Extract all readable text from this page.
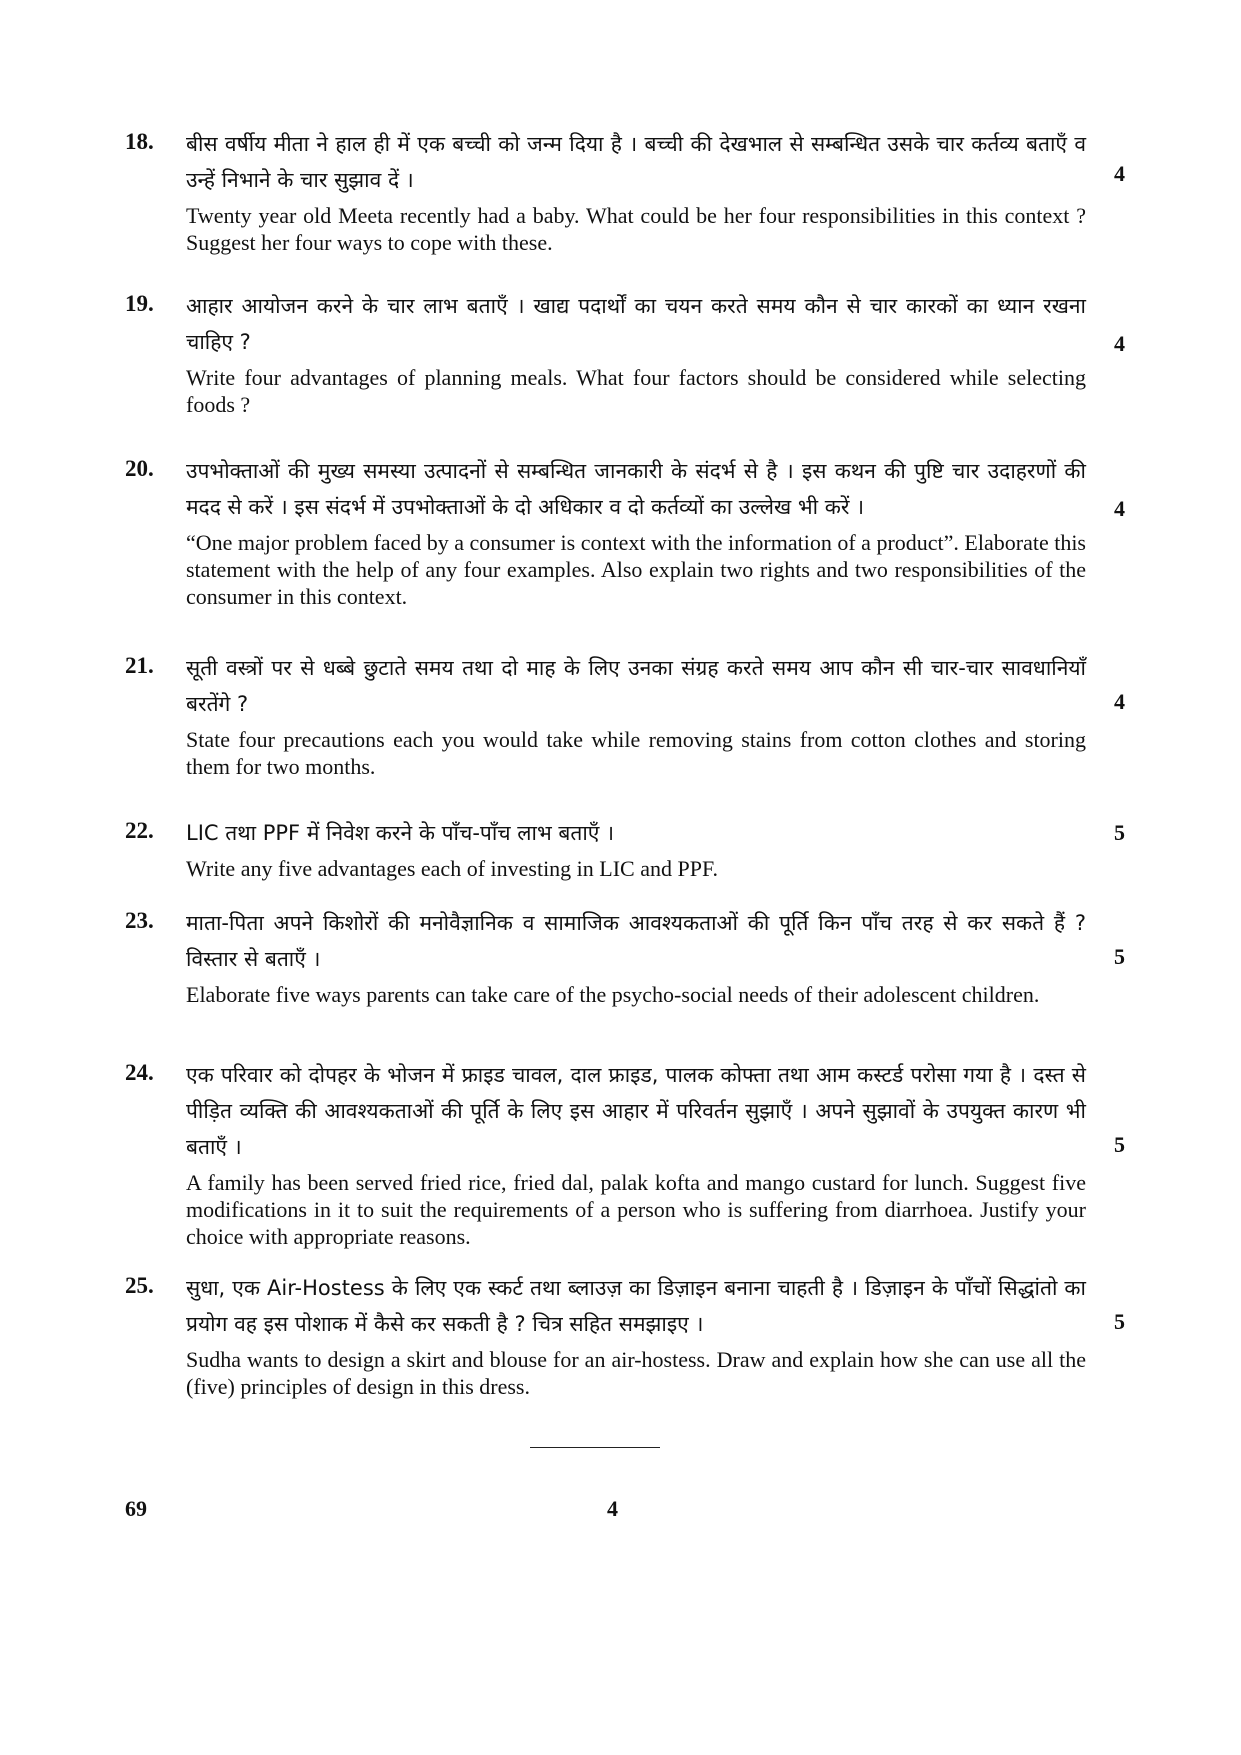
18.	बीस वर्षीय मीता ने हाल ही में एक बच्ची को जन्म दिया है । बच्ची की देखभाल से सम्बन्धित उसके चार कर्तव्य बताएँ व उन्हें निभाने के चार सुझाव दें ।

Twenty year old Meeta recently had a baby. What could be her four responsibilities in this context ? Suggest her four ways to cope with these.

4
19.	आहार आयोजन करने के चार लाभ बताएँ । खाद्य पदार्थों का चयन करते समय कौन से चार कारकों का ध्यान रखना चाहिए ?

Write four advantages of planning meals. What four factors should be considered while selecting foods ?

4
20.	उपभोक्ताओं की मुख्य समस्या उत्पादनों से सम्बन्धित जानकारी के संदर्भ से है । इस कथन की पुष्टि चार उदाहरणों की मदद से करें । इस संदर्भ में उपभोक्ताओं के दो अधिकार व दो कर्तव्यों का उल्लेख भी करें ।

“One major problem faced by a consumer is context with the information of a product”. Elaborate this statement with the help of any four examples. Also explain two rights and two responsibilities of the consumer in this context.

4
21.	सूती वस्त्रों पर से धब्बे छुटाते समय तथा दो माह के लिए उनका संग्रह करते समय आप कौन सी चार-चार सावधानियाँ बरतेंगे ?

State four precautions each you would take while removing stains from cotton clothes and storing them for two months.

4
22.	LIC तथा PPF में निवेश करने के पाँच-पाँच लाभ बताएँ ।

Write any five advantages each of investing in LIC and PPF.

5
23.	माता-पिता अपने किशोरों की मनोवैज्ञानिक व सामाजिक आवश्यकताओं की पूर्ति किन पाँच तरह से कर सकते हैं ? विस्तार से बताएँ ।

Elaborate five ways parents can take care of the psycho-social needs of their adolescent children.

5
24.	एक परिवार को दोपहर के भोजन में फ्राइड चावल, दाल फ्राइड, पालक कोफ्ता तथा आम कस्टर्ड परोसा गया है । दस्त से पीड़ित व्यक्ति की आवश्यकताओं की पूर्ति के लिए इस आहार में परिवर्तन सुझाएँ । अपने सुझावों के उपयुक्त कारण भी बताएँ ।

A family has been served fried rice, fried dal, palak kofta and mango custard for lunch. Suggest five modifications in it to suit the requirements of a person who is suffering from diarrhoea. Justify your choice with appropriate reasons.

5
25.	सुधा, एक Air-Hostess के लिए एक स्कर्ट तथा ब्लाउज़ का डिज़ाइन बनाना चाहती है । डिज़ाइन के पाँचों सिद्धांतो का प्रयोग वह इस पोशाक में कैसे कर सकती है ? चित्र सहित समझाइए ।

Sudha wants to design a skirt and blouse for an air-hostess. Draw and explain how she can use all the (five) principles of design in this dress.

5
69	4
